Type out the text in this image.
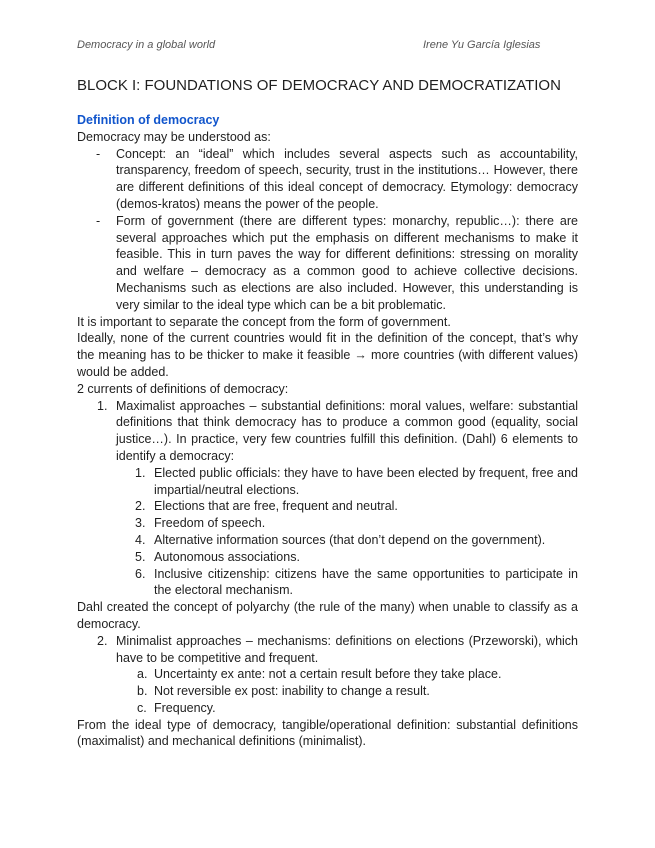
Democracy in a global world	Irene Yu García Iglesias
BLOCK I: FOUNDATIONS OF DEMOCRACY AND DEMOCRATIZATION
Definition of democracy

Democracy may be understood as:

- Concept: an “ideal” which includes several aspects such as accountability, transparency, freedom of speech, security, trust in the institutions… However, there are different definitions of this ideal concept of democracy. Etymology: democracy (demos-kratos) means the power of the people.
- Form of government (there are different types: monarchy, republic…): there are several approaches which put the emphasis on different mechanisms to make it feasible. This in turn paves the way for different definitions: stressing on morality and welfare – democracy as a common good to achieve collective decisions. Mechanisms such as elections are also included. However, this understanding is very similar to the ideal type which can be a bit problematic.

It is important to separate the concept from the form of government.

Ideally, none of the current countries would fit in the definition of the concept, that’s why the meaning has to be thicker to make it feasible → more countries (with different values) would be added.

2 currents of definitions of democracy:

1. Maximalist approaches – substantial definitions: moral values, welfare: substantial definitions that think democracy has to produce a common good (equality, social justice…). In practice, very few countries fulfill this definition. (Dahl) 6 elements to identify a democracy:
1. Elected public officials: they have to have been elected by frequent, free and impartial/neutral elections.
2. Elections that are free, frequent and neutral.
3. Freedom of speech.
4. Alternative information sources (that don’t depend on the government).
5. Autonomous associations.
6. Inclusive citizenship: citizens have the same opportunities to participate in the electoral mechanism.

Dahl created the concept of polyarchy (the rule of the many) when unable to classify as a democracy.

2. Minimalist approaches – mechanisms: definitions on elections (Przeworski), which have to be competitive and frequent.
a. Uncertainty ex ante: not a certain result before they take place.
b. Not reversible ex post: inability to change a result.
c. Frequency.

From the ideal type of democracy, tangible/operational definition: substantial definitions (maximalist) and mechanical definitions (minimalist).
